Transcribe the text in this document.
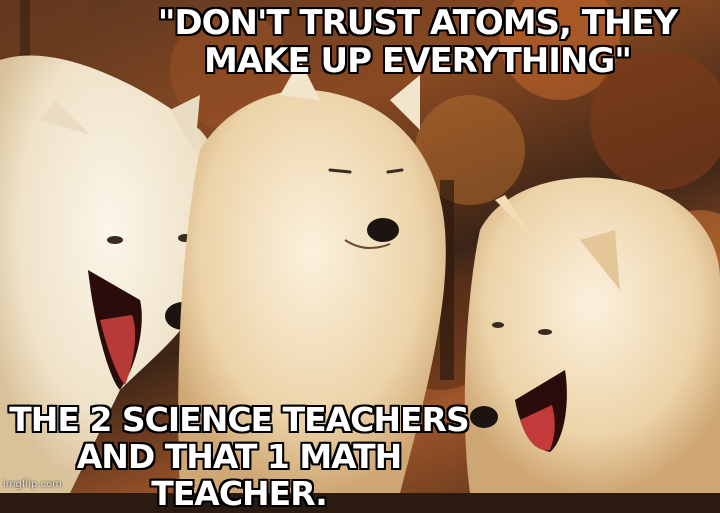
"DON'T TRUST ATOMS, THEY MAKE UP EVERYTHING"

THE 2 SCIENCE TEACHERS AND THAT 1 MATH TEACHER.

imgflip.com
